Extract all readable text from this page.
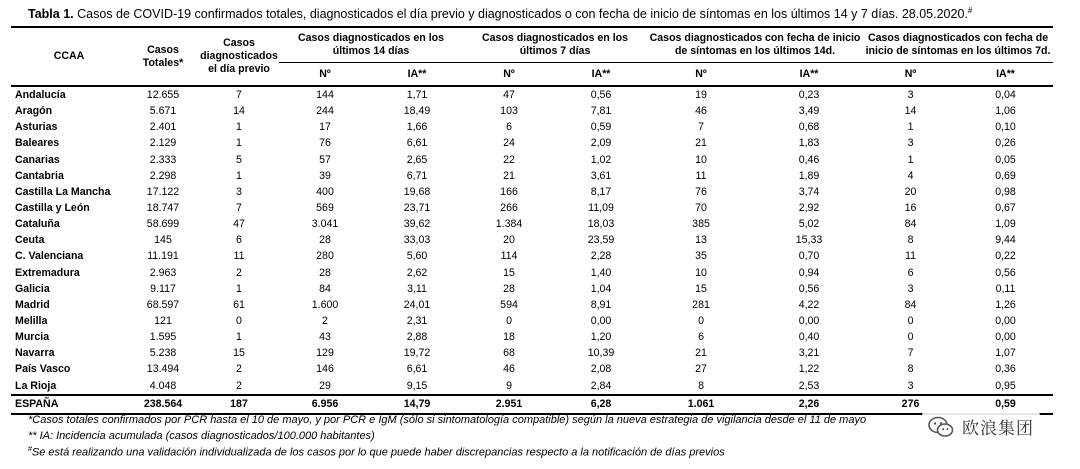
Tabla 1. Casos de COVID-19 confirmados totales, diagnosticados el día previo y diagnosticados o con fecha de inicio de síntomas en los últimos 14 y 7 días. 28.05.2020.#
CCAA	Casos Totales*	Casos diagnosticados el día previo	Casos diagnosticados en los últimos 14 días		Casos diagnosticados en los últimos 7 días		Casos diagnosticados con fecha de inicio de síntomas en los últimos 14d.		Casos diagnosticados con fecha de inicio de síntomas en los últimos 7d.	
			Nº	IA**	Nº	IA**	Nº	IA**	Nº	IA**
Andalucía	12.655	7	144	1,71	47	0,56	19	0,23	3	0,04
Aragón	5.671	14	244	18,49	103	7,81	46	3,49	14	1,06
Asturias	2.401	1	17	1,66	6	0,59	7	0,68	1	0,10
Baleares	2.129	1	76	6,61	24	2,09	21	1,83	3	0,26
Canarias	2.333	5	57	2,65	22	1,02	10	0,46	1	0,05
Cantabria	2.298	1	39	6,71	21	3,61	11	1,89	4	0,69
Castilla La Mancha	17.122	3	400	19,68	166	8,17	76	3,74	20	0,98
Castilla y León	18.747	7	569	23,71	266	11,09	70	2,92	16	0,67
Cataluña	58.699	47	3.041	39,62	1.384	18,03	385	5,02	84	1,09
Ceuta	145	6	28	33,03	20	23,59	13	15,33	8	9,44
C. Valenciana	11.191	11	280	5,60	114	2,28	35	0,70	11	0,22
Extremadura	2.963	2	28	2,62	15	1,40	10	0,94	6	0,56
Galicia	9.117	1	84	3,11	28	1,04	15	0,56	3	0,11
Madrid	68.597	61	1.600	24,01	594	8,91	281	4,22	84	1,26
Melilla	121	0	2	2,31	0	0,00	0	0,00	0	0,00
Murcia	1.595	1	43	2,88	18	1,20	6	0,40	0	0,00
Navarra	5.238	15	129	19,72	68	10,39	21	3,21	7	1,07
País Vasco	13.494	2	146	6,61	46	2,08	27	1,22	8	0,36
La Rioja	4.048	2	29	9,15	9	2,84	8	2,53	3	0,95
ESPAÑA	238.564	187	6.956	14,79	2.951	6,28	1.061	2,26	276	0,59
*Casos totales confirmados por PCR hasta el 10 de mayo, y por PCR e IgM (sólo si sintomatología compatible) según la nueva estrategia de vigilancia desde el 11 de mayo
** IA: Incidencia acumulada (casos diagnosticados/100.000 habitantes)
#Se está realizando una validación individualizada de los casos por lo que puede haber discrepancias respecto a la notificación de días previos
欧浪集团
